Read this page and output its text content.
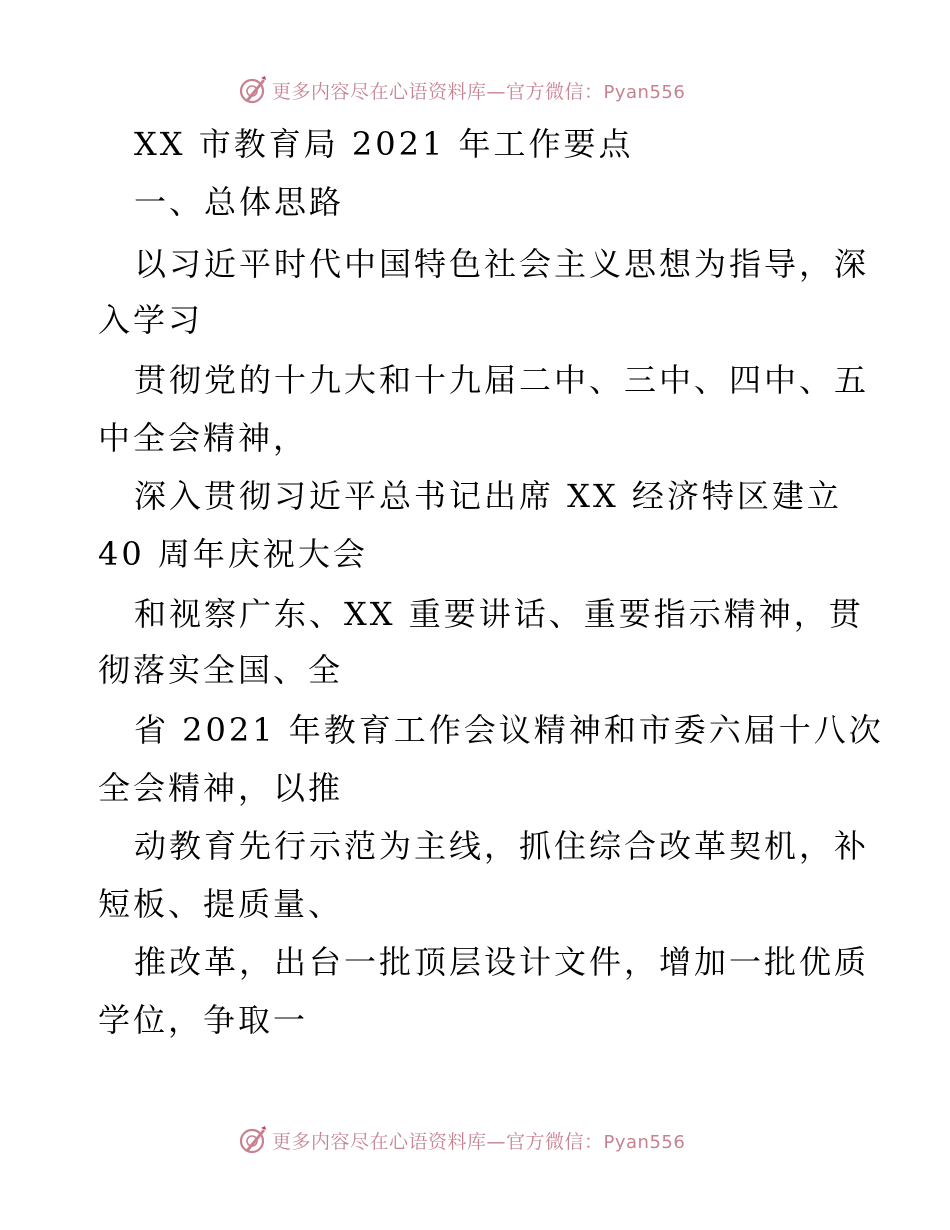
更多内容尽在心语资料库—官方微信：Pyan556
XX 市教育局 2021 年工作要点
一、总体思路
以习近平时代中国特色社会主义思想为指导，深
入学习
贯彻党的十九大和十九届二中、三中、四中、五
中全会精神，
深入贯彻习近平总书记出席 XX 经济特区建立
40 周年庆祝大会
和视察广东、XX 重要讲话、重要指示精神，贯
彻落实全国、全
省 2021 年教育工作会议精神和市委六届十八次
全会精神，以推
动教育先行示范为主线，抓住综合改革契机，补
短板、提质量、
推改革，出台一批顶层设计文件，增加一批优质
学位，争取一
更多内容尽在心语资料库—官方微信：Pyan556
